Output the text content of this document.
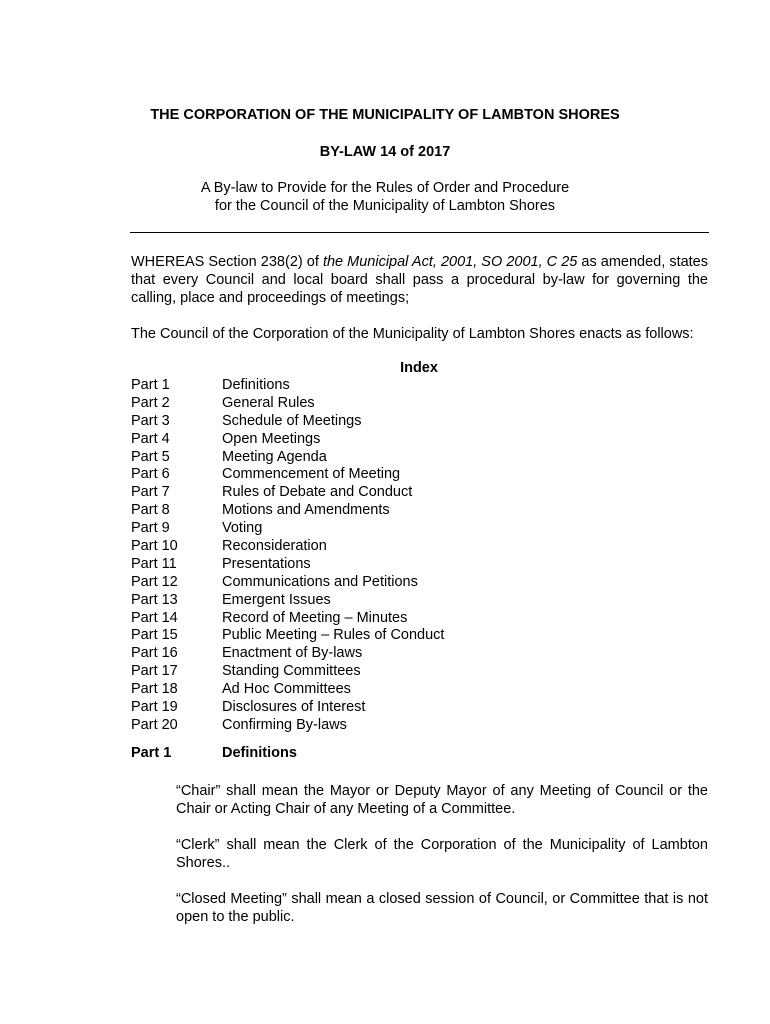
THE CORPORATION OF THE MUNICIPALITY OF LAMBTON SHORES
BY-LAW 14 of 2017
A By-law to Provide for the Rules of Order and Procedure
for the Council of the Municipality of Lambton Shores
WHEREAS Section 238(2) of the Municipal Act, 2001, SO 2001, C 25 as amended, states that every Council and local board shall pass a procedural by-law for governing the calling, place and proceedings of meetings;
The Council of the Corporation of the Municipality of Lambton Shores enacts as follows:
Index
Part 1	Definitions
Part 2	General Rules
Part 3	Schedule of Meetings
Part 4	Open Meetings
Part 5	Meeting Agenda
Part 6	Commencement of Meeting
Part 7	Rules of Debate and Conduct
Part 8	Motions and Amendments
Part 9	Voting
Part 10	Reconsideration
Part 11	Presentations
Part 12	Communications and Petitions
Part 13	Emergent Issues
Part 14	Record of Meeting – Minutes
Part 15	Public Meeting – Rules of Conduct
Part 16	Enactment of By-laws
Part 17	Standing Committees
Part 18	Ad Hoc Committees
Part 19	Disclosures of Interest
Part 20	Confirming By-laws
Part 1	Definitions
“Chair” shall mean the Mayor or Deputy Mayor of any Meeting of Council or the Chair or Acting Chair of any Meeting of a Committee.
“Clerk” shall mean the Clerk of the Corporation of the Municipality of Lambton Shores..
“Closed Meeting” shall mean a closed session of Council, or Committee that is not open to the public.
